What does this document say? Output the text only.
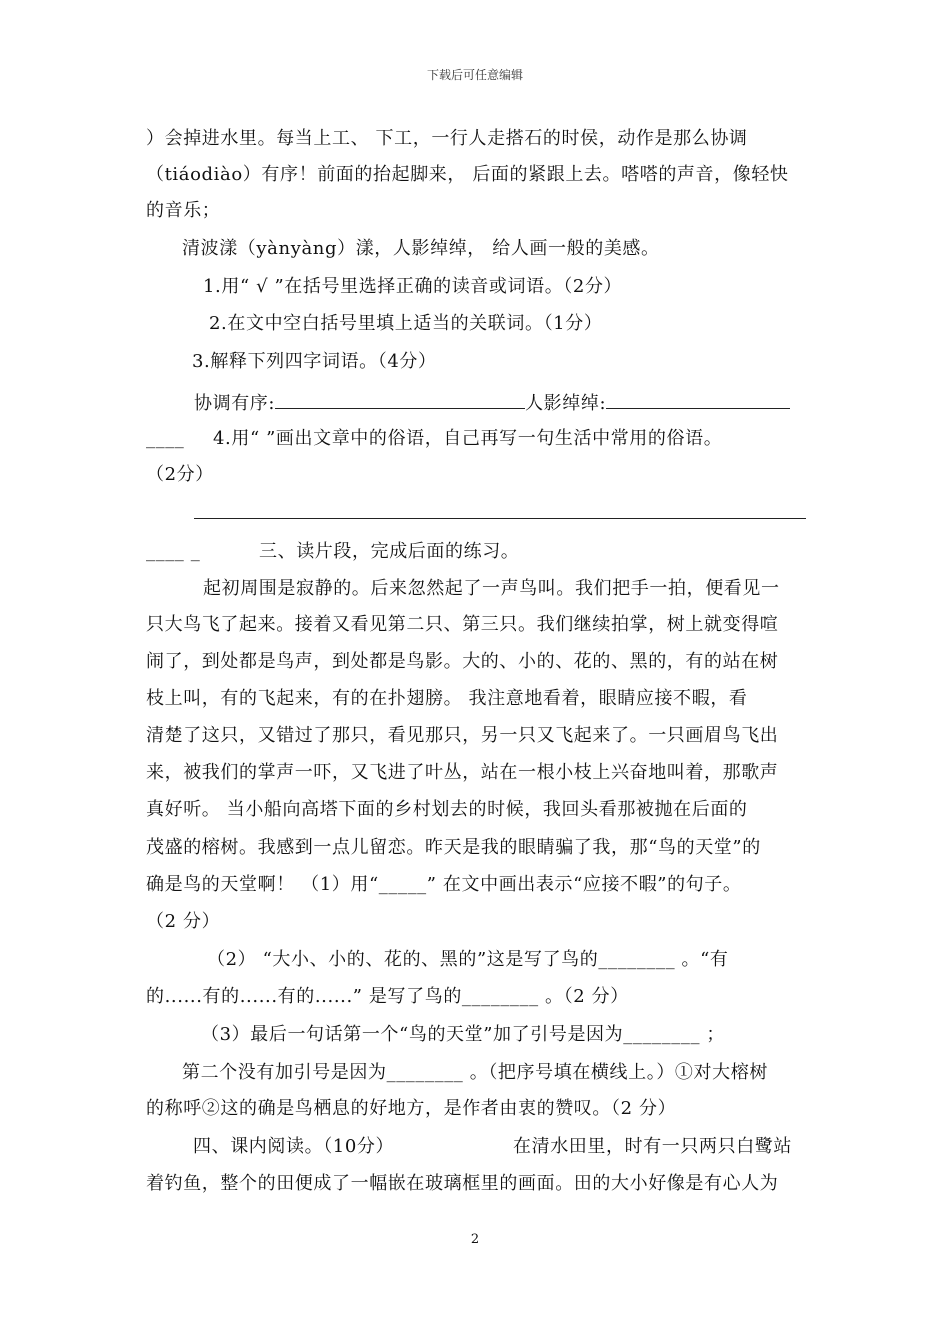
下载后可任意编辑
）会掉进水里。每当上工、 下工，一行人走搭石的时侯，动作是那么协调
（tiáodiào）有序！前面的抬起脚来， 后面的紧跟上去。嗒嗒的声音，像轻快
的音乐；
清波漾（yànyàng）漾，人影绰绰， 给人画一般的美感。
1.用“ √ ”在括号里选择正确的读音或词语。（2分）
2.在文中空白括号里填上适当的关联词。（1分）
3.解释下列四字词语。（4分）
协调有序:	人影绰绰:
____ 4.用“ ”画出文章中的俗语，自己再写一句生活中常用的俗语。
（2分）
____ _	三、读片段，完成后面的练习。
起初周围是寂静的。后来忽然起了一声鸟叫。我们把手一拍，便看见一
只大鸟飞了起来。接着又看见第二只、第三只。我们继续拍掌，树上就变得喧
闹了，到处都是鸟声，到处都是鸟影。大的、小的、花的、黑的，有的站在树
枝上叫，有的飞起来，有的在扑翅膀。 我注意地看着，眼睛应接不暇，看
清楚了这只，又错过了那只，看见那只，另一只又飞起来了。一只画眉鸟飞出
来，被我们的掌声一吓，又飞进了叶丛，站在一根小枝上兴奋地叫着，那歌声
真好听。 当小船向高塔下面的乡村划去的时候，我回头看那被抛在后面的
茂盛的榕树。我感到一点儿留恋。昨天是我的眼睛骗了我，那“鸟的天堂”的
确是鸟的天堂啊！ （1）用“_____” 在文中画出表示“应接不暇”的句子。
（2 分）
（2） “大小、小的、花的、黑的”这是写了鸟的________ 。“有
的......有的......有的......” 是写了鸟的________ 。（2 分）
（3）最后一句话第一个“鸟的天堂”加了引号是因为________ ；
第二个没有加引号是因为________ 。（把序号填在横线上。）①对大榕树
的称呼②这的确是鸟栖息的好地方，是作者由衷的赞叹。（2 分）
四、课内阅读。（10分）	在清水田里，时有一只两只白鹭站
着钓鱼，整个的田便成了一幅嵌在玻璃框里的画面。田的大小好像是有心人为
2
